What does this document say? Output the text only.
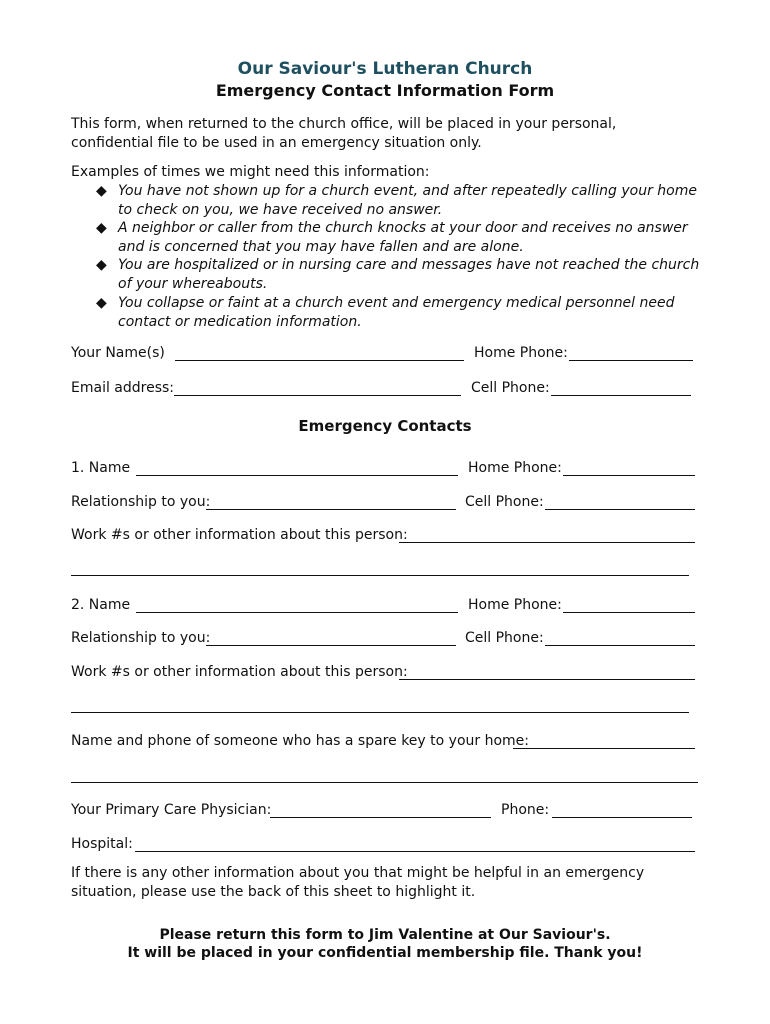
Our Saviour's Lutheran Church
Emergency Contact Information Form
This form, when returned to the church office, will be placed in your personal, confidential file to be used in an emergency situation only.
Examples of times we might need this information:
◆ You have not shown up for a church event, and after repeatedly calling your home to check on you, we have received no answer.
◆ A neighbor or caller from the church knocks at your door and receives no answer and is concerned that you may have fallen and are alone.
◆ You are hospitalized or in nursing care and messages have not reached the church of your whereabouts.
◆ You collapse or faint at a church event and emergency medical personnel need contact or medication information.
Your Name(s)	Home Phone:
Email address:	Cell Phone:
Emergency Contacts
1. Name	Home Phone:
Relationship to you:	Cell Phone:
Work #s or other information about this person:
2. Name	Home Phone:
Relationship to you:	Cell Phone:
Work #s or other information about this person:
Name and phone of someone who has a spare key to your home:
Your Primary Care Physician:	Phone:
Hospital:
If there is any other information about you that might be helpful in an emergency situation, please use the back of this sheet to highlight it.
Please return this form to Jim Valentine at Our Saviour's.
It will be placed in your confidential membership file. Thank you!
